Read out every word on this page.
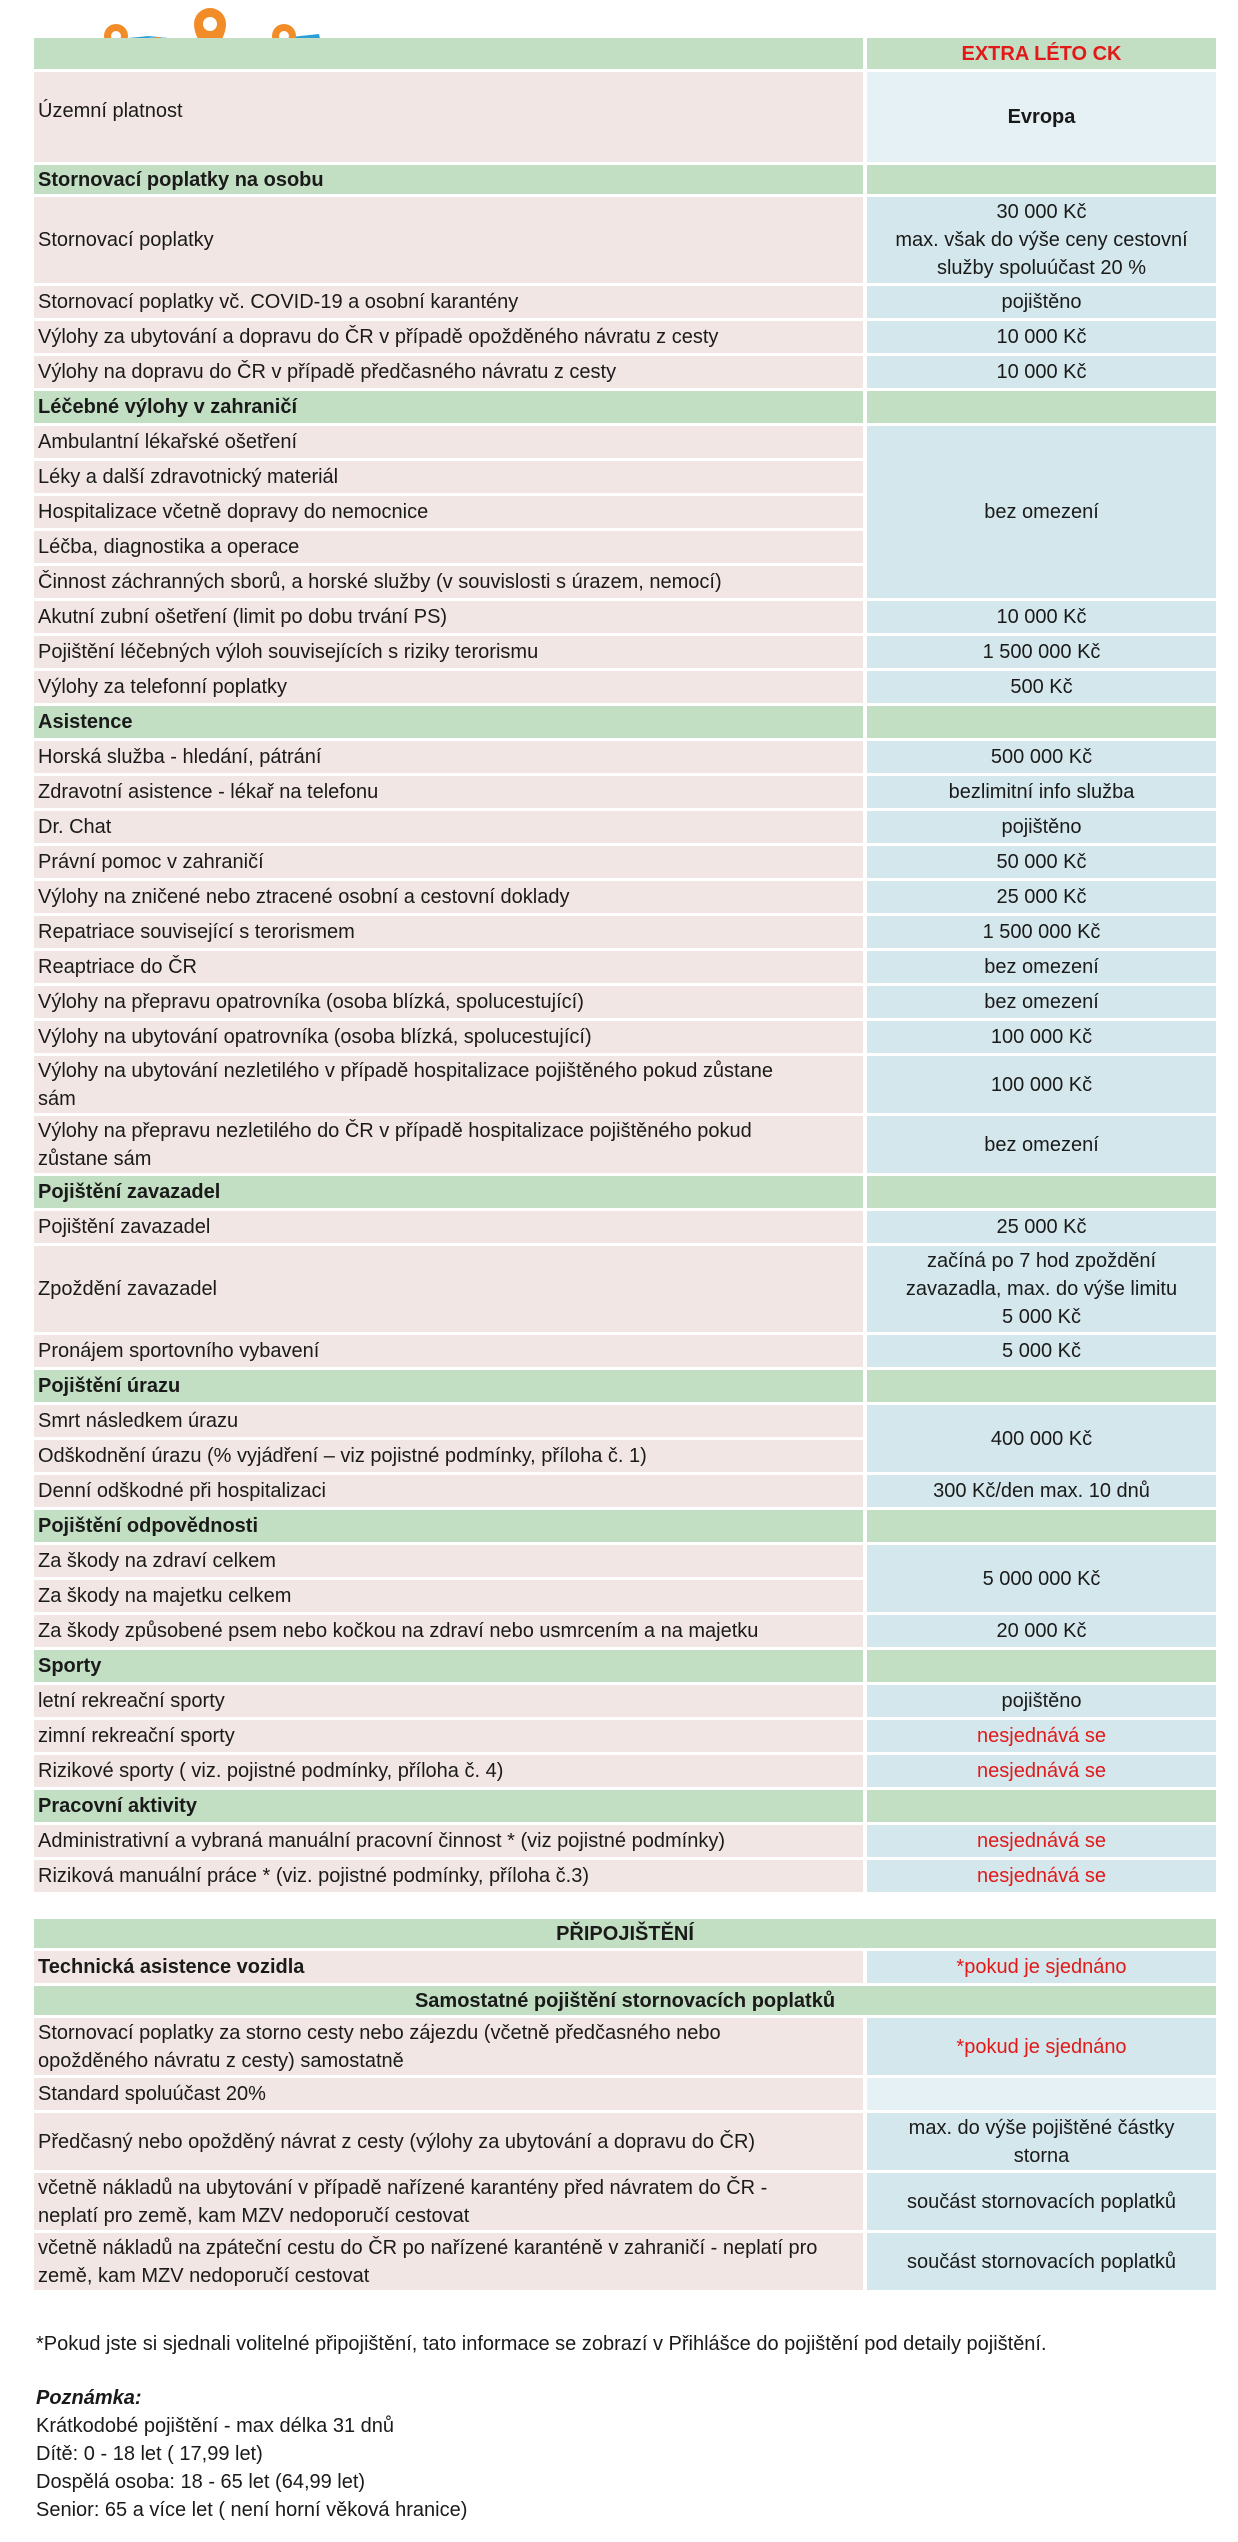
	EXTRA LÉTO CK
Územní platnost	Evropa
Stornovací poplatky na osobu	
Stornovací poplatky	30 000 Kč
max. však do výše ceny cestovní
služby spoluúčast 20 %

Stornovací poplatky vč. COVID-19 a osobní karantény	pojištěno
Výlohy za ubytování a dopravu do ČR v případě opožděného návratu z cesty	10 000 Kč
Výlohy na dopravu do ČR v případě předčasného návratu z cesty	10 000 Kč
Léčebné výlohy v zahraničí	
Ambulantní lékařské ošetření	bez omezení
Léky a další zdravotnický materiál	
Hospitalizace včetně dopravy do nemocnice	
Léčba, diagnostika a operace	
Činnost záchranných sborů, a horské služby (v souvislosti s úrazem, nemocí)	
Akutní zubní ošetření (limit po dobu trvání PS)	10 000 Kč
Pojištění léčebných výloh souvisejících s riziky terorismu	1 500 000 Kč
Výlohy za telefonní poplatky	500 Kč
Asistence	
Horská služba - hledání, pátrání	500 000 Kč
Zdravotní asistence - lékař na telefonu	bezlimitní info služba
Dr. Chat	pojištěno
Právní pomoc v zahraničí	50 000 Kč
Výlohy na zničené nebo ztracené osobní a cestovní doklady	25 000 Kč
Repatriace související s terorismem	1 500 000 Kč
Reaptriace do ČR	bez omezení
Výlohy na přepravu opatrovníka (osoba blízká, spolucestující)	bez omezení
Výlohy na ubytování opatrovníka (osoba blízká, spolucestující)	100 000 Kč

Výlohy na ubytování nezletilého v případě hospitalizace pojištěného pokud zůstane
sám	100 000 Kč

Výlohy na přepravu nezletilého do ČR v případě hospitalizace pojištěného pokud
zůstane sám	bez omezení
Pojištění zavazadel	
Pojištění zavazadel	25 000 Kč
Zpoždění zavazadel	začíná po 7 hod zpoždění
zavazadla, max. do výše limitu
5 000 Kč

Pronájem sportovního vybavení	5 000 Kč
Pojištění úrazu	
Smrt následkem úrazu	400 000 Kč
Odškodnění úrazu (% vyjádření – viz pojistné podmínky, příloha č. 1)	
Denní odškodné při hospitalizaci	300 Kč/den max. 10 dnů
Pojištění odpovědnosti	
Za škody na zdraví celkem	5 000 000 Kč
Za škody na majetku celkem	
Za škody způsobené psem nebo kočkou na zdraví nebo usmrcením a na majetku	20 000 Kč
Sporty	
letní rekreační sporty	pojištěno
zimní rekreační sporty	nesjednává se
Rizikové sporty ( viz. pojistné podmínky, příloha č. 4)	nesjednává se
Pracovní aktivity	
Administrativní a vybraná manuální pracovní činnost * (viz pojistné podmínky)	nesjednává se
Riziková manuální práce * (viz. pojistné podmínky, příloha č.3)	nesjednává se
PŘIPOJIŠTĚNÍ	
Technická asistence vozidla	*pokud je sjednáno
Samostatné pojištění stornovacích poplatků	

Stornovací poplatky za storno cesty nebo zájezdu (včetně předčasného nebo
opožděného návratu z cesty) samostatně	*pokud je sjednáno
Standard spoluúčast 20%	
Předčasný nebo opožděný návrat z cesty (výlohy za ubytování a dopravu do ČR)	max. do výše pojištěné částky
storna

včetně nákladů na ubytování v případě nařízené karantény před návratem do ČR -
neplatí pro země, kam MZV nedoporučí cestovat	součást stornovacích poplatků

včetně nákladů na zpáteční cestu do ČR po nařízené karanténě v zahraničí - neplatí pro
země, kam MZV nedoporučí cestovat	součást stornovacích poplatků
*Pokud jste si sjednali volitelné připojištění, tato informace se zobrazí v Přihlášce do pojištění pod detaily pojištění.
Poznámka:
Krátkodobé pojištění - max délka 31 dnů
Dítě: 0 - 18 let ( 17,99 let)
Dospělá osoba: 18 - 65 let (64,99 let)
Senior: 65 a více let ( není horní věková hranice)
